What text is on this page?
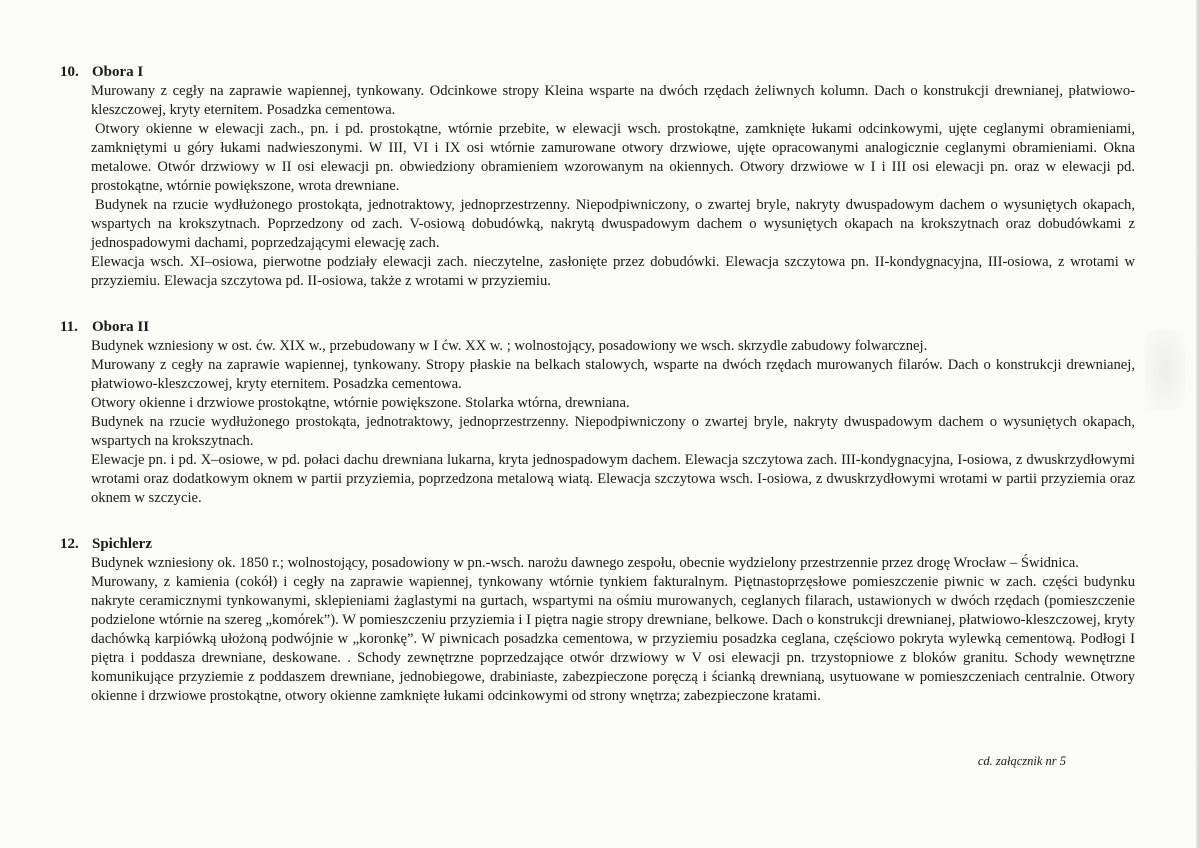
10. Obora I

Murowany z cegły na zaprawie wapiennej, tynkowany. Odcinkowe stropy Kleina wsparte na dwóch rzędach żeliwnych kolumn. Dach o konstrukcji drewnianej, płatwiowo-kleszczowej, kryty eternitem. Posadzka cementowa.

Otwory okienne w elewacji zach., pn. i pd. prostokątne, wtórnie przebite, w elewacji wsch. prostokątne, zamknięte łukami odcinkowymi, ujęte ceglanymi obramieniami, zamkniętymi u góry łukami nadwieszonymi. W III, VI i IX osi wtórnie zamurowane otwory drzwiowe, ujęte opracowanymi analogicznie ceglanymi obramieniami. Okna metalowe. Otwór drzwiowy w II osi elewacji pn. obwiedziony obramieniem wzorowanym na okiennych. Otwory drzwiowe w I i III osi elewacji pn. oraz w elewacji pd. prostokątne, wtórnie powiększone, wrota drewniane.

Budynek na rzucie wydłużonego prostokąta, jednotraktowy, jednoprzestrzenny. Niepodpiwniczony, o zwartej bryle, nakryty dwuspadowym dachem o wysuniętych okapach, wspartych na krokszytnach. Poprzedzony od zach. V-osiową dobudówką, nakrytą dwuspadowym dachem o wysuniętych okapach na krokszytnach oraz dobudówkami z jednospadowymi dachami, poprzedzającymi elewację zach.

Elewacja wsch. XI–osiowa, pierwotne podziały elewacji zach. nieczytelne, zasłonięte przez dobudówki. Elewacja szczytowa pn. II-kondygnacyjna, III-osiowa, z wrotami w przyziemiu. Elewacja szczytowa pd. II-osiowa, także z wrotami w przyziemiu.

11. Obora II

Budynek wzniesiony w ost. ćw. XIX w., przebudowany w I ćw. XX w. ; wolnostojący, posadowiony we wsch. skrzydle zabudowy folwarcznej.

Murowany z cegły na zaprawie wapiennej, tynkowany. Stropy płaskie na belkach stalowych, wsparte na dwóch rzędach murowanych filarów. Dach o konstrukcji drewnianej, płatwiowo-kleszczowej, kryty eternitem. Posadzka cementowa.

Otwory okienne i drzwiowe prostokątne, wtórnie powiększone. Stolarka wtórna, drewniana.

Budynek na rzucie wydłużonego prostokąta, jednotraktowy, jednoprzestrzenny. Niepodpiwniczony o zwartej bryle, nakryty dwuspadowym dachem o wysuniętych okapach, wspartych na krokszytnach.

Elewacje pn. i pd. X–osiowe, w pd. połaci dachu drewniana lukarna, kryta jednospadowym dachem. Elewacja szczytowa zach. III-kondygnacyjna, I-osiowa, z dwuskrzydłowymi wrotami oraz dodatkowym oknem w partii przyziemia, poprzedzona metalową wiatą. Elewacja szczytowa wsch. I-osiowa, z dwuskrzydłowymi wrotami w partii przyziemia oraz oknem w szczycie.

12. Spichlerz

Budynek wzniesiony ok. 1850 r.; wolnostojący, posadowiony w pn.-wsch. narożu dawnego zespołu, obecnie wydzielony przestrzennie przez drogę Wrocław – Świdnica.

Murowany, z kamienia (cokół) i cegły na zaprawie wapiennej, tynkowany wtórnie tynkiem fakturalnym. Piętnastoprzęsłowe pomieszczenie piwnic w zach. części budynku nakryte ceramicznymi tynkowanymi, sklepieniami żaglastymi na gurtach, wspartymi na ośmiu murowanych, ceglanych filarach, ustawionych w dwóch rzędach (pomieszczenie podzielone wtórnie na szereg „komórek”). W pomieszczeniu przyziemia i I piętra nagie stropy drewniane, belkowe. Dach o konstrukcji drewnianej, płatwiowo-kleszczowej, kryty dachówką karpiówką ułożoną podwójnie w „koronkę”. W piwnicach posadzka cementowa, w przyziemiu posadzka ceglana, częściowo pokryta wylewką cementową. Podłogi I piętra i poddasza drewniane, deskowane. . Schody zewnętrzne poprzedzające otwór drzwiowy w V osi elewacji pn. trzystopniowe z bloków granitu. Schody wewnętrzne komunikujące przyziemie z poddaszem drewniane, jednobiegowe, drabiniaste, zabezpieczone poręczą i ścianką drewnianą, usytuowane w pomieszczeniach centralnie. Otwory okienne i drzwiowe prostokątne, otwory okienne zamknięte łukami odcinkowymi od strony wnętrza; zabezpieczone kratami.

cd. załącznik nr 5
